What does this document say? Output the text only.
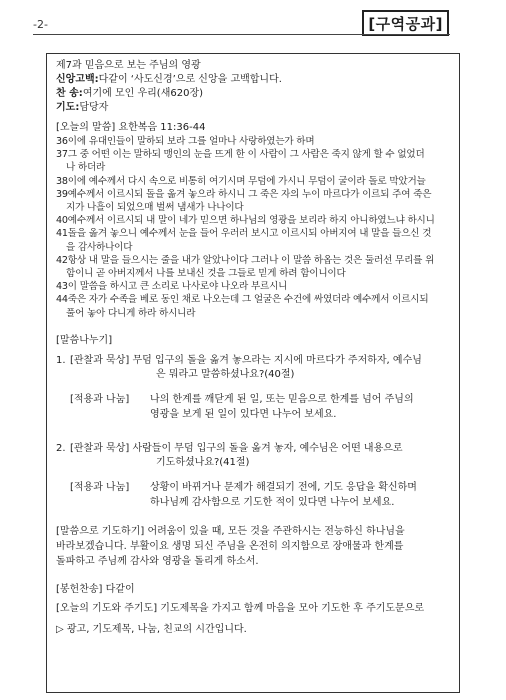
-2-	[구역공과]
제7과 믿음으로 보는 주님의 영광
신앙고백: 다같이 ‘사도신경’으로 신앙을 고백합니다.
찬 송: 여기에 모인 우리(새620장)
기도: 담당자
[오늘의 말씀] 요한복음 11:36-44
36이에 유대인들이 말하되 보라 그를 얼마나 사랑하였는가 하며
37그 중 어떤 이는 말하되 맹인의 눈을 뜨게 한 이 사람이 그 사람은 죽지 않게 할 수 없었더
나 하더라
38이에 예수께서 다시 속으로 비통히 여기시며 무덤에 가시니 무덤이 굴이라 돌로 막았거늘
39예수께서 이르시되 돌을 옮겨 놓으라 하시니 그 죽은 자의 누이 마르다가 이르되 주여 죽은
지가 나흘이 되었으매 벌써 냄새가 나나이다
40예수께서 이르시되 내 말이 네가 믿으면 하나님의 영광을 보리라 하지 아니하였느냐 하시니
41돌을 옮겨 놓으니 예수께서 눈을 들어 우러러 보시고 이르시되 아버지여 내 말을 들으신 것
을 감사하나이다
42항상 내 말을 들으시는 줄을 내가 알았나이다 그러나 이 말씀 하옵는 것은 둘러선 무리를 위
함이니 곧 아버지께서 나를 보내신 것을 그들로 믿게 하려 함이니이다
43이 말씀을 하시고 큰 소리로 나사로야 나오라 부르시니
44죽은 자가 수족을 베로 동인 채로 나오는데 그 얼굴은 수건에 싸였더라 예수께서 이르시되
풀어 놓아 다니게 하라 하시니라
[말씀나누기]
1. [관찰과 묵상] 무덤 입구의 돌을 옮겨 놓으라는 지시에 마르다가 주저하자, 예수님
은 뭐라고 말씀하셨나요?(40절)
[적용과 나눔]	나의 한계를 깨닫게 된 일, 또는 믿음으로 한계를 넘어 주님의
영광을 보게 된 일이 있다면 나누어 보세요.
2. [관찰과 묵상] 사람들이 무덤 입구의 돌을 옮겨 놓자, 예수님은 어떤 내용으로
기도하셨나요?(41절)
[적용과 나눔]	상황이 바뀌거나 문제가 해결되기 전에, 기도 응답을 확신하며
하나님께 감사함으로 기도한 적이 있다면 나누어 보세요.
[말씀으로 기도하기] 어려움이 있을 때, 모든 것을 주관하시는 전능하신 하나님을
바라보겠습니다. 부활이요 생명 되신 주님을 온전히 의지함으로 장애물과 한계를
돌파하고 주님께 감사와 영광을 돌리게 하소서.
[봉헌찬송] 다같이
[오늘의 기도와 주기도] 기도제목을 가지고 함께 마음을 모아 기도한 후 주기도문으로
▷ 광고, 기도제목, 나눔, 친교의 시간입니다.
